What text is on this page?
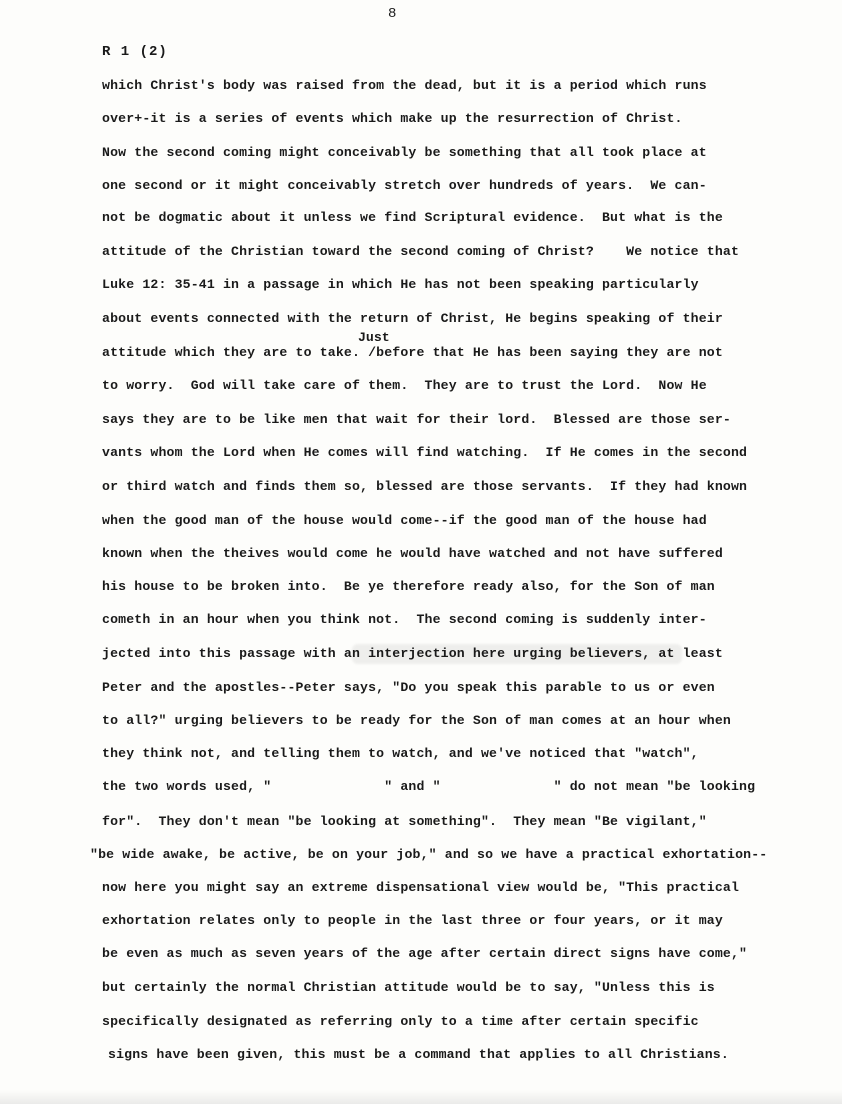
8
R 1 (2)
Just
which Christ's body was raised from the dead, but it is a period which runs
over+-it is a series of events which make up the resurrection of Christ.
Now the second coming might conceivably be something that all took place at
one second or it might conceivably stretch over hundreds of years.  We can-
not be dogmatic about it unless we find Scriptural evidence.  But what is the
attitude of the Christian toward the second coming of Christ?    We notice that
Luke 12: 35-41 in a passage in which He has not been speaking particularly
about events connected with the return of Christ, He begins speaking of their
attitude which they are to take. /before that He has been saying they are not
to worry.  God will take care of them.  They are to trust the Lord.  Now He
says they are to be like men that wait for their lord.  Blessed are those ser-
vants whom the Lord when He comes will find watching.  If He comes in the second
or third watch and finds them so, blessed are those servants.  If they had known
when the good man of the house would come--if the good man of the house had
known when the theives would come he would have watched and not have suffered
his house to be broken into.  Be ye therefore ready also, for the Son of man
cometh in an hour when you think not.  The second coming is suddenly inter-
jected into this passage with an interjection here urging believers, at least
Peter and the apostles--Peter says, "Do you speak this parable to us or even
to all?" urging believers to be ready for the Son of man comes at an hour when
they think not, and telling them to watch, and we've noticed that "watch",
the two words used, "              " and "              " do not mean "be looking
for".  They don't mean "be looking at something".  They mean "Be vigilant,"
"be wide awake, be active, be on your job," and so we have a practical exhortation--
now here you might say an extreme dispensational view would be, "This practical
exhortation relates only to people in the last three or four years, or it may
be even as much as seven years of the age after certain direct signs have come,"
but certainly the normal Christian attitude would be to say, "Unless this is
specifically designated as referring only to a time after certain specific
signs have been given, this must be a command that applies to all Christians.
